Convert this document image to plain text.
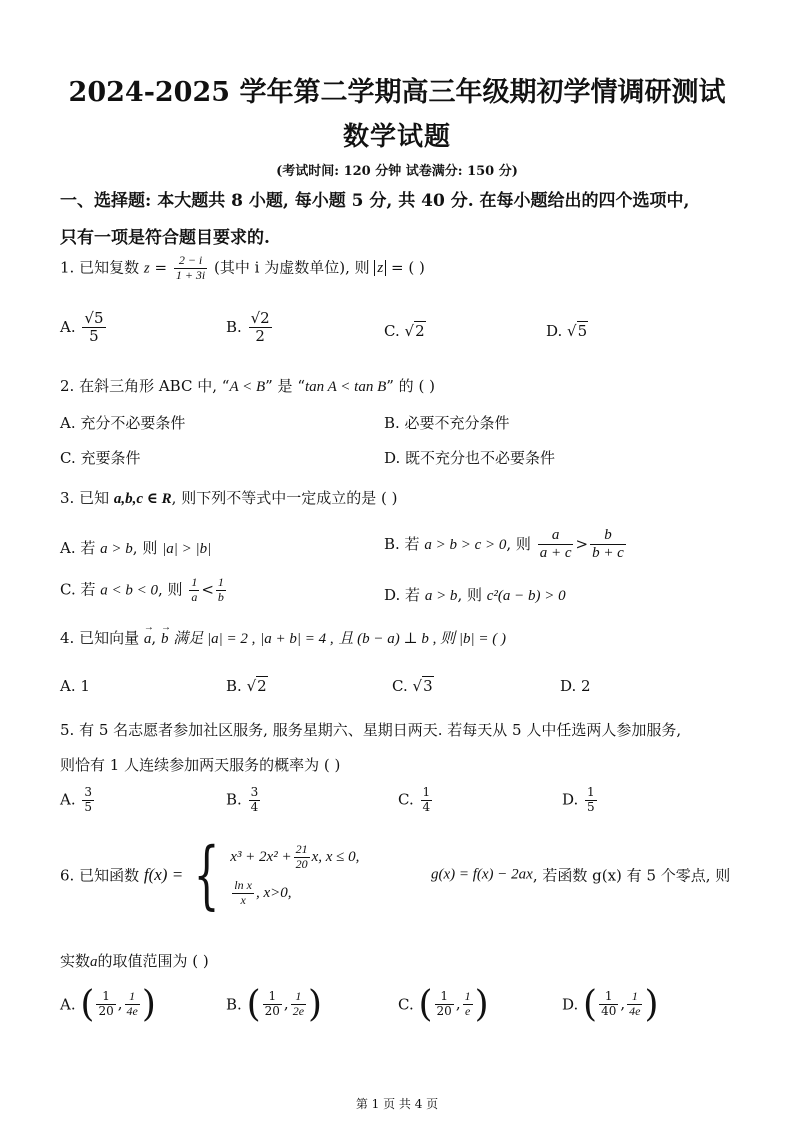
2024-2025 学年第二学期高三年级期初学情调研测试
数学试题
(考试时间: 120 分钟 试卷满分: 150 分)
一、选择题: 本大题共 8 小题, 每小题 5 分, 共 40 分. 在每小题给出的四个选项中,
只有一项是符合题目要求的.
1. 已知复数 $z = \frac{2 - i}{1 + 3i}$ (其中 i 为虚数单位), 则 z = ( )
A. $\frac{√5}{5}$	B. $\frac{√2}{2}$	C. √2	D. √5
2. 在斜三角形 ABC 中, “A < B” 是 “tan A < tan B” 的 ( )
A. 充分不必要条件	B. 必要不充分条件
C. 充要条件	D. 既不充分也不必要条件
3. 已知 a,b,c ∈ R, 则下列不等式中一定成立的是 ( )
A. 若 a > b, 则 |a| > |b|	B. 若 a > b > c > 0, 则 $\frac{a}{a + c} > \frac{b}{b + c}$
C. 若 a < b < 0, 则 $\frac{1}{a} < \frac{1}{b}$	D. 若 a > b, 则 c²(a − b) > 0
4. 已知向量 → a, → b 满足 |a| = 2 , |a + b| = 4 , 且 (b − a) ⊥ b , 则 |b| = ( )
A. 1	B. √2	C. √3	D. 2
5. 有 5 名志愿者参加社区服务, 服务星期六、星期日两天. 若每天从 5 人中任选两人参加服务,
则恰有 1 人连续参加两天服务的概率为 ( )
A. $\frac{3}{5}$	B. $\frac{3}{4}$	C. $\frac{1}{4}$	D. $\frac{1}{5}$
6. 已知函数 f(x) = { $x^3 + 2x^2 + \frac{21}{20} x$, x ≤ 0,
$\frac{\text{ln x}}{x}$ , x>0,
g(x) = f(x) − 2ax, 若函数 g(x) 有 5 个零点, 则
实数a的取值范围为 ( )
A. ( $\frac{1}{20}$ , $\frac{1}{4e}$ )	B. ( $\frac{1}{20}$ , $\frac{1}{2e}$ )	C. ( $\frac{1}{20}$ , $\frac{1}{e}$ )	D. ( $\frac{1}{40}$ , $\frac{1}{4e}$ )
第 1 页 共 4 页
